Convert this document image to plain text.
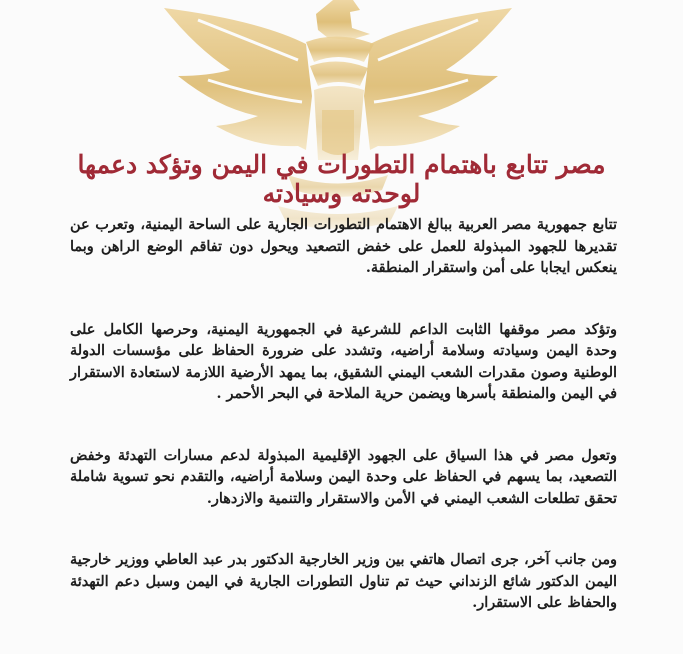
مصر تتابع باهتمام التطورات في اليمن وتؤكد دعمها لوحدته وسيادته

تتابع جمهورية مصر العربية ببالغ الاهتمام التطورات الجارية على الساحة اليمنية، وتعرب عن تقديرها للجهود المبذولة للعمل على خفض التصعيد ويحول دون تفاقم الوضع الراهن وبما ينعكس ايجابا على أمن واستقرار المنطقة.

وتؤكد مصر موقفها الثابت الداعم للشرعية في الجمهورية اليمنية، وحرصها الكامل على وحدة اليمن وسيادته وسلامة أراضيه، وتشدد على ضرورة الحفاظ على مؤسسات الدولة الوطنية وصون مقدرات الشعب اليمني الشقيق، بما يمهد الأرضية اللازمة لاستعادة الاستقرار في اليمن والمنطقة بأسرها ويضمن حرية الملاحة في البحر الأحمر .

وتعول مصر في هذا السياق على الجهود الإقليمية المبذولة لدعم مسارات التهدئة وخفض التصعيد، بما يسهم في الحفاظ على وحدة اليمن وسلامة أراضيه، والتقدم نحو تسوية شاملة تحقق تطلعات الشعب اليمني في الأمن والاستقرار والتنمية والازدهار.

ومن جانب آخر، جرى اتصال هاتفي بين وزير الخارجية الدكتور بدر عبد العاطي ووزير خارجية اليمن الدكتور شائع الزنداني حيث تم تناول التطورات الجارية في اليمن وسبل دعم التهدئة والحفاظ على الاستقرار.
